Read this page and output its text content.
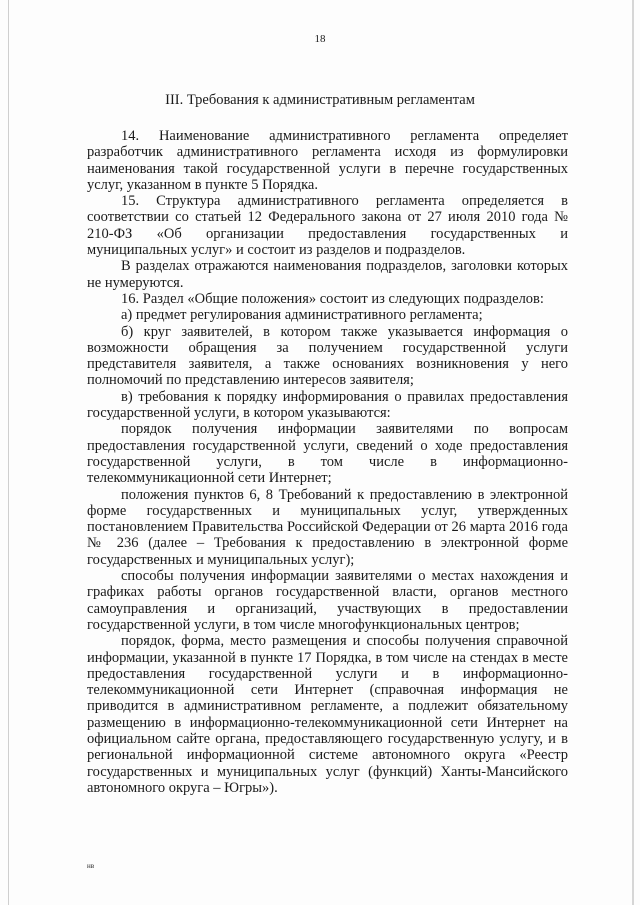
18
III. Требования к административным регламентам

14. Наименование административного регламента определяет разработчик административного регламента исходя из формулировки наименования такой государственной услуги в перечне государственных услуг, указанном в пункте 5 Порядка.

15. Структура административного регламента определяется в соответствии со статьей 12 Федерального закона от 27 июля 2010 года № 210-ФЗ «Об организации предоставления государственных и муниципальных услуг» и состоит из разделов и подразделов.

В разделах отражаются наименования подразделов, заголовки которых не нумеруются.

16. Раздел «Общие положения» состоит из следующих подразделов:

а) предмет регулирования административного регламента;

б) круг заявителей, в котором также указывается информация о возможности обращения за получением государственной услуги представителя заявителя, а также основаниях возникновения у него полномочий по представлению интересов заявителя;

в) требования к порядку информирования о правилах предоставления государственной услуги, в котором указываются:

порядок получения информации заявителями по вопросам предоставления государственной услуги, сведений о ходе предоставления государственной услуги, в том числе в информационно-телекоммуникационной сети Интернет;

положения пунктов 6, 8 Требований к предоставлению в электронной форме государственных и муниципальных услуг, утвержденных постановлением Правительства Российской Федерации от 26 марта 2016 года № 236 (далее – Требования к предоставлению в электронной форме государственных и муниципальных услуг);

способы получения информации заявителями о местах нахождения и графиках работы органов государственной власти, органов местного самоуправления и организаций, участвующих в предоставлении государственной услуги, в том числе многофункциональных центров;

порядок, форма, место размещения и способы получения справочной информации, указанной в пункте 17 Порядка, в том числе на стендах в месте предоставления государственной услуги и в информационно-телекоммуникационной сети Интернет (справочная информация не приводится в административном регламенте, а подлежит обязательному размещению в информационно-телекоммуникационной сети Интернет на официальном сайте органа, предоставляющего государственную услугу, и в региональной информационной системе автономного округа «Реестр государственных и муниципальных услуг (функций) Ханты-Мансийского автономного округа – Югры»).

нв
